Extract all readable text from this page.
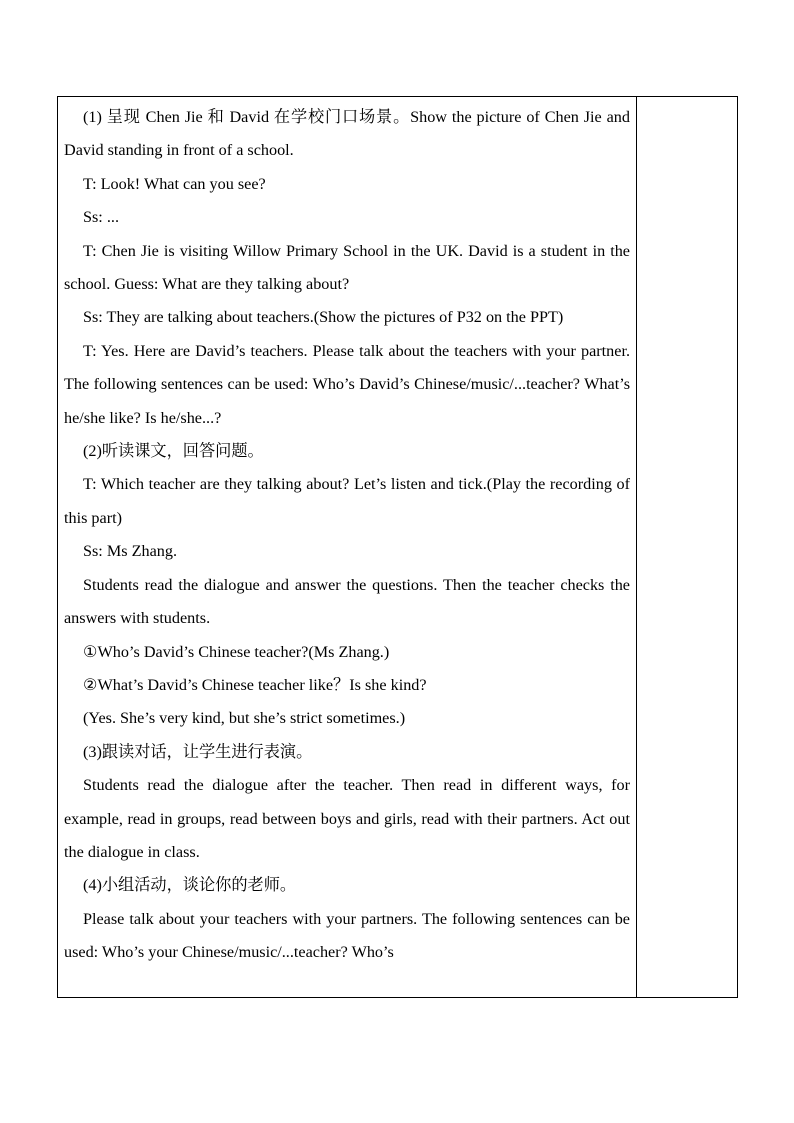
(1) 呈现 Chen Jie 和 David 在学校门口场景。Show the picture of Chen Jie and David standing in front of a school.

T: Look! What can you see?

Ss: ...

T: Chen Jie is visiting Willow Primary School in the UK. David is a student in the school. Guess: What are they talking about?

Ss: They are talking about teachers.(Show the pictures of P32 on the PPT)

T: Yes. Here are David’s teachers. Please talk about the teachers with your partner. The following sentences can be used: Who’s David’s Chinese/music/...teacher? What’s he/she like? Is he/she...?

(2)听读课文，回答问题。

T: Which teacher are they talking about? Let’s listen and tick.(Play the recording of this part)

Ss: Ms Zhang.

Students read the dialogue and answer the questions. Then the teacher checks the answers with students.

①Who’s David’s Chinese teacher?(Ms Zhang.)

②What’s David’s Chinese teacher like？Is she kind?

(Yes. She’s very kind, but she’s strict sometimes.)

(3)跟读对话，让学生进行表演。

Students read the dialogue after the teacher. Then read in different ways, for example, read in groups, read between boys and girls, read with their partners. Act out the dialogue in class.

(4)小组活动，谈论你的老师。

Please talk about your teachers with your partners. The following sentences can be used: Who’s your Chinese/music/...teacher? Who’s
